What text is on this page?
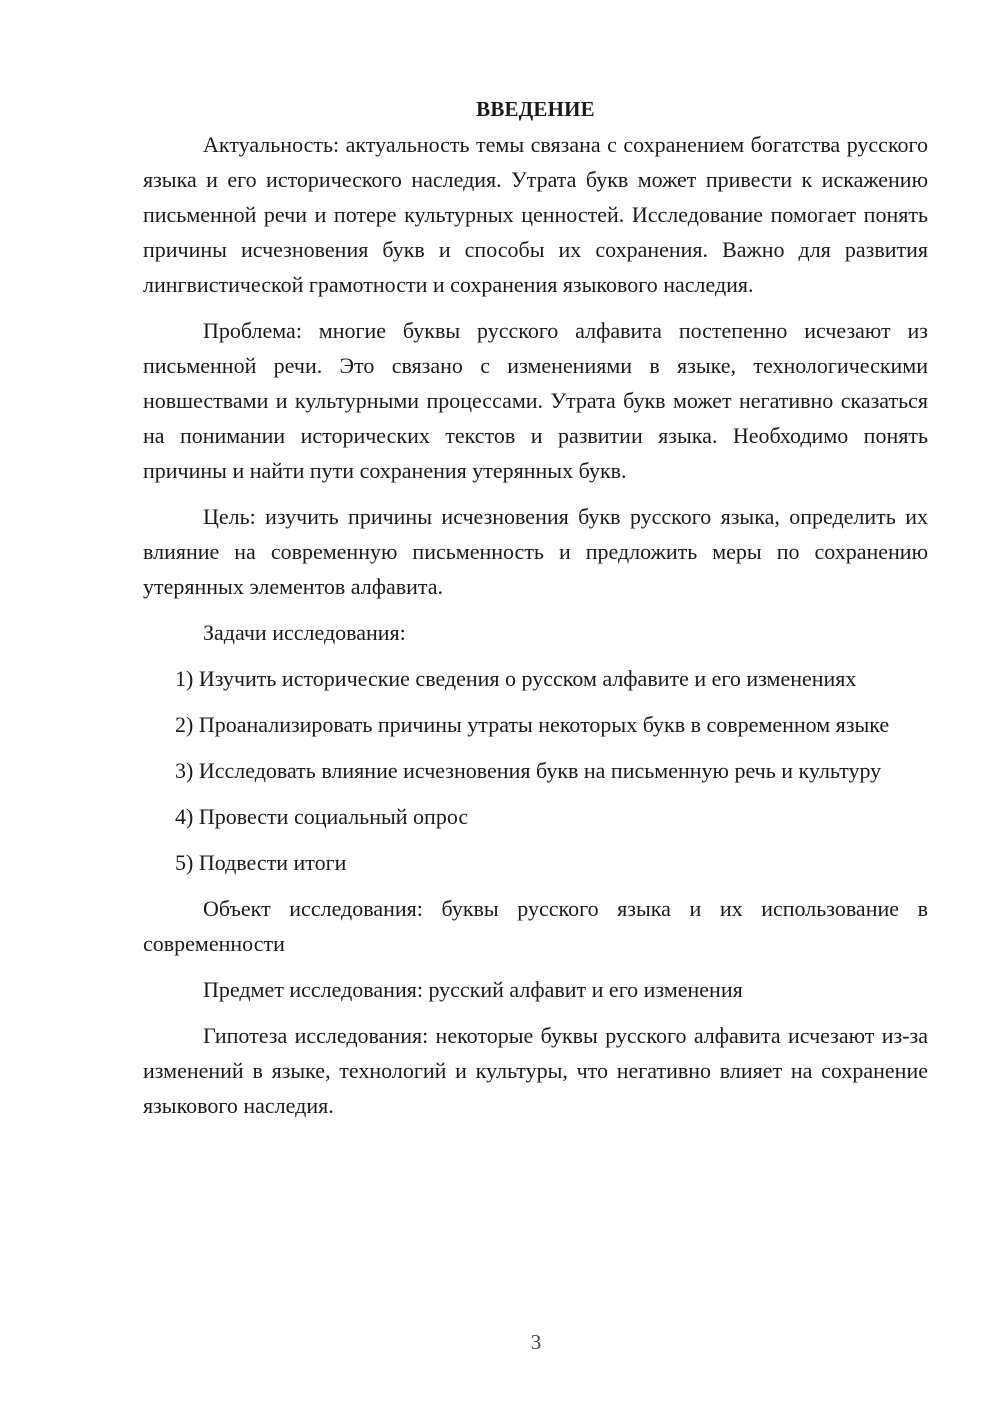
ВВЕДЕНИЕ

Актуальность: актуальность темы связана с сохранением богатства русского языка и его исторического наследия. Утрата букв может привести к искажению письменной речи и потере культурных ценностей. Исследование помогает понять причины исчезновения букв и способы их сохранения. Важно для развития лингвистической грамотности и сохранения языкового наследия.

Проблема: многие буквы русского алфавита постепенно исчезают из письменной речи. Это связано с изменениями в языке, технологическими новшествами и культурными процессами. Утрата букв может негативно сказаться на понимании исторических текстов и развитии языка. Необходимо понять причины и найти пути сохранения утерянных букв.

Цель: изучить причины исчезновения букв русского языка, определить их влияние на современную письменность и предложить меры по сохранению утерянных элементов алфавита.

Задачи исследования:

1) Изучить исторические сведения о русском алфавите и его изменениях

2) Проанализировать причины утраты некоторых букв в современном языке

3) Исследовать влияние исчезновения букв на письменную речь и культуру

4) Провести социальный опрос

5) Подвести итоги

Объект исследования: буквы русского языка и их использование в современности

Предмет исследования: русский алфавит и его изменения

Гипотеза исследования: некоторые буквы русского алфавита исчезают из-за изменений в языке, технологий и культуры, что негативно влияет на сохранение языкового наследия.

3
